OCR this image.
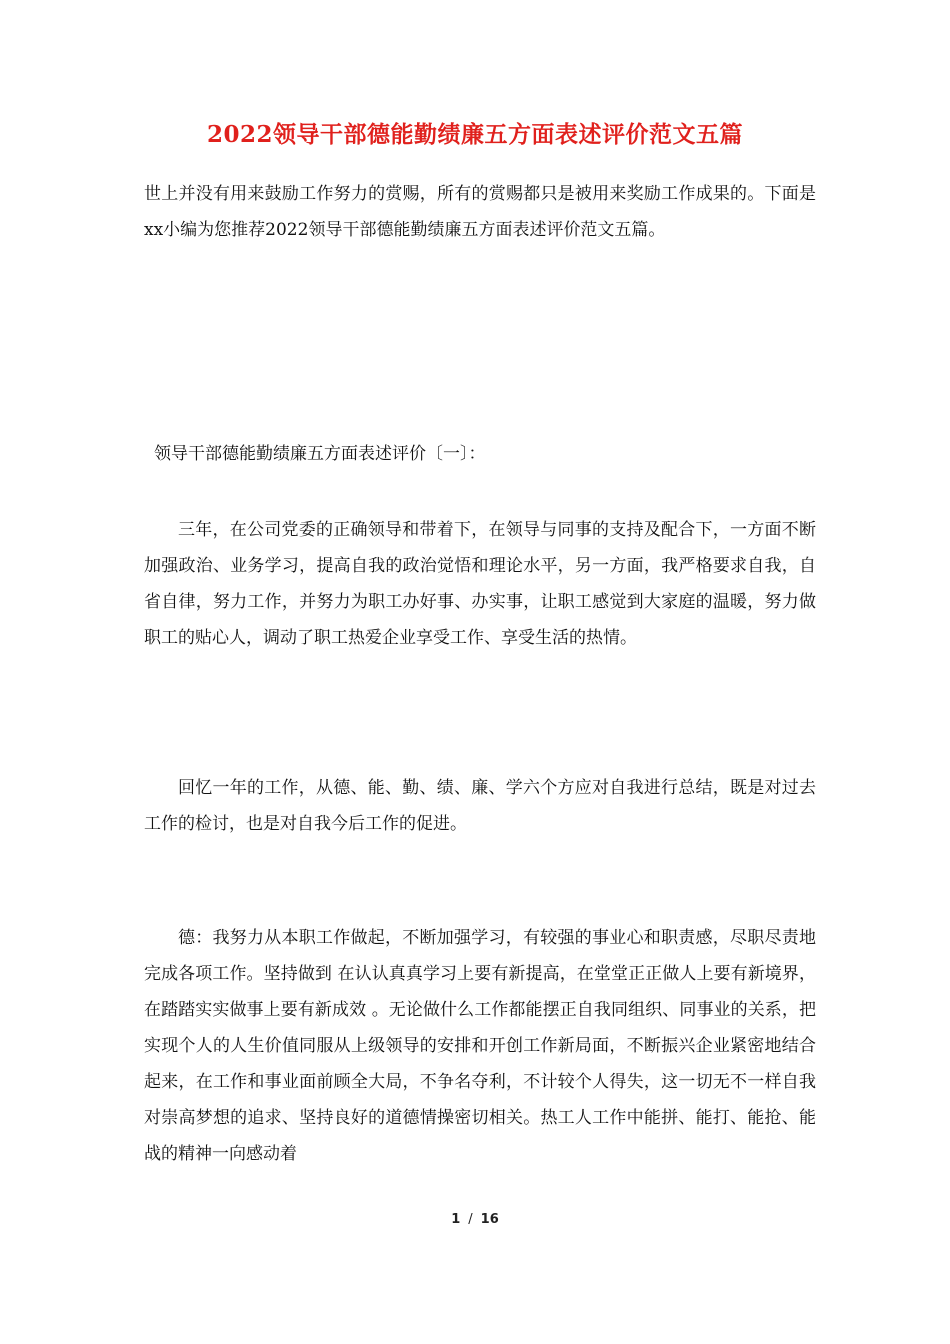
2022领导干部德能勤绩廉五方面表述评价范文五篇

世上并没有用来鼓励工作努力的赏赐，所有的赏赐都只是被用来奖励工作成果的。下面是xx小编为您推荐2022领导干部德能勤绩廉五方面表述评价范文五篇。

领导干部德能勤绩廉五方面表述评价〔一〕：

三年，在公司党委的正确领导和带着下，在领导与同事的支持及配合下，一方面不断加强政治、业务学习，提高自我的政治觉悟和理论水平，另一方面，我严格要求自我，自省自律，努力工作，并努力为职工办好事、办实事，让职工感觉到大家庭的温暖，努力做职工的贴心人，调动了职工热爱企业享受工作、享受生活的热情。

回忆一年的工作，从德、能、勤、绩、廉、学六个方应对自我进行总结，既是对过去工作的检讨，也是对自我今后工作的促进。

德：我努力从本职工作做起，不断加强学习，有较强的事业心和职责感，尽职尽责地完成各项工作。坚持做到 在认认真真学习上要有新提高，在堂堂正正做人上要有新境界，在踏踏实实做事上要有新成效 。无论做什么工作都能摆正自我同组织、同事业的关系，把实现个人的人生价值同服从上级领导的安排和开创工作新局面，不断振兴企业紧密地结合起来，在工作和事业面前顾全大局，不争名夺利，不计较个人得失，这一切无不一样自我对崇高梦想的追求、坚持良好的道德情操密切相关。热工人工作中能拼、能打、能抢、能战的精神一向感动着

1 / 16
